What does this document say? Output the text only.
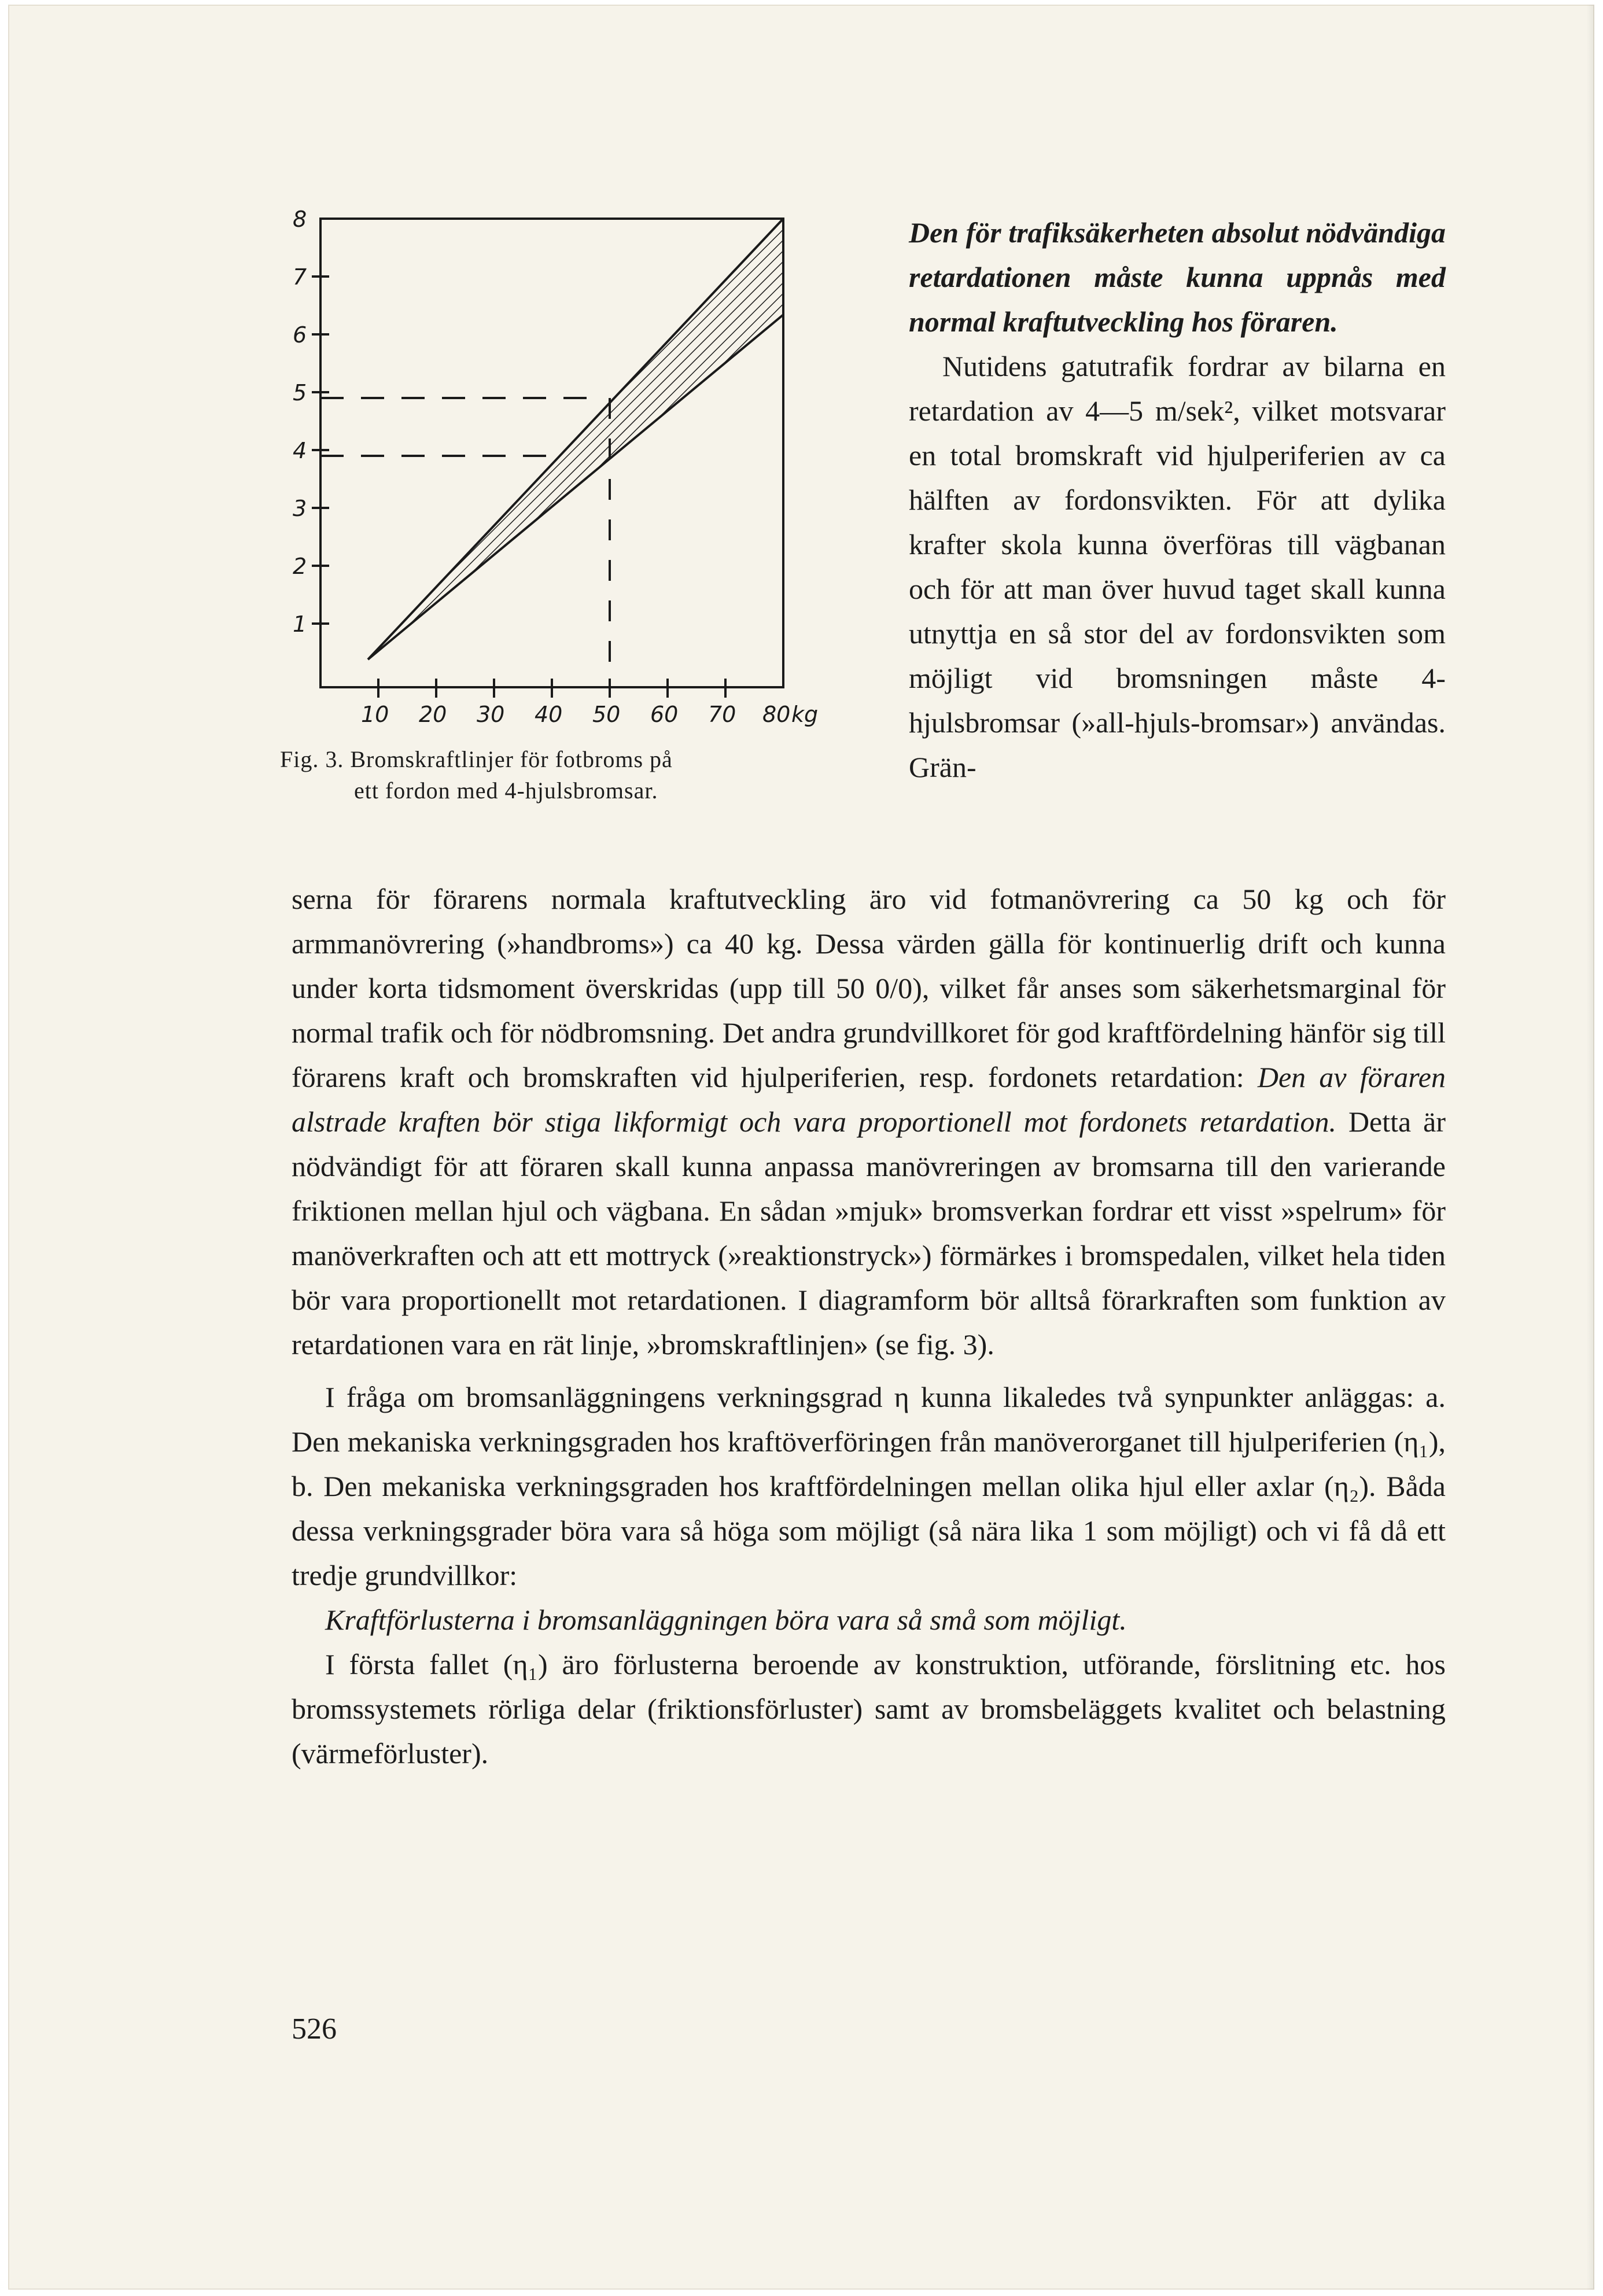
8
7
6
5
4
3
2
1
10 20 30 40 50 60 70 80 kg
Fig. 3. Bromskraftlinjer för fotbroms på
ett fordon med 4-hjulsbromsar.

Den för trafiksäkerheten absolut nödvändiga retardationen måste kunna uppnås med normal kraftutveckling hos föraren.

Nutidens gatutrafik fordrar av bilarna en retardation av 4—5 m/sek², vilket motsvarar en total bromskraft vid hjulperiferien av ca hälften av fordonsvikten. För att dylika krafter skola kunna överföras till vägbanan och för att man över huvud taget skall kunna utnyttja en så stor del av fordonsvikten som möjligt vid bromsningen måste 4-hjulsbromsar (»all-hjuls-bromsar») användas. Grän-

serna för förarens normala kraftutveckling äro vid fotmanövrering ca 50 kg och för armmanövrering (»handbroms») ca 40 kg. Dessa värden gälla för kontinuerlig drift och kunna under korta tidsmoment överskridas (upp till 50 0/0), vilket får anses som säkerhetsmarginal för normal trafik och för nödbromsning. Det andra grundvillkoret för god kraftfördelning hänför sig till förarens kraft och bromskraften vid hjulperiferien, resp. fordonets retardation: Den av föraren alstrade kraften bör stiga likformigt och vara proportionell mot fordonets retardation. Detta är nödvändigt för att föraren skall kunna anpassa manövreringen av bromsarna till den varierande friktionen mellan hjul och vägbana. En sådan »mjuk» bromsverkan fordrar ett visst »spelrum» för manöverkraften och att ett mottryck (»reaktionstryck») förmärkes i bromspedalen, vilket hela tiden bör vara proportionellt mot retardationen. I diagramform bör alltså förarkraften som funktion av retardationen vara en rät linje, »bromskraftlinjen» (se fig. 3).

I fråga om bromsanläggningens verkningsgrad η kunna likaledes två synpunkter anläggas: a. Den mekaniska verkningsgraden hos kraftöverföringen från manöverorganet till hjulperiferien (η₁), b. Den mekaniska verkningsgraden hos kraftfördelningen mellan olika hjul eller axlar (η₂). Båda dessa verkningsgrader böra vara så höga som möjligt (så nära lika 1 som möjligt) och vi få då ett tredje grundvillkor:

Kraftförlusterna i bromsanläggningen böra vara så små som möjligt.

I första fallet (η₁) äro förlusterna beroende av konstruktion, utförande, förslitning etc. hos bromssystemets rörliga delar (friktionsförluster) samt av bromsbeläggets kvalitet och belastning (värmeförluster).

526
